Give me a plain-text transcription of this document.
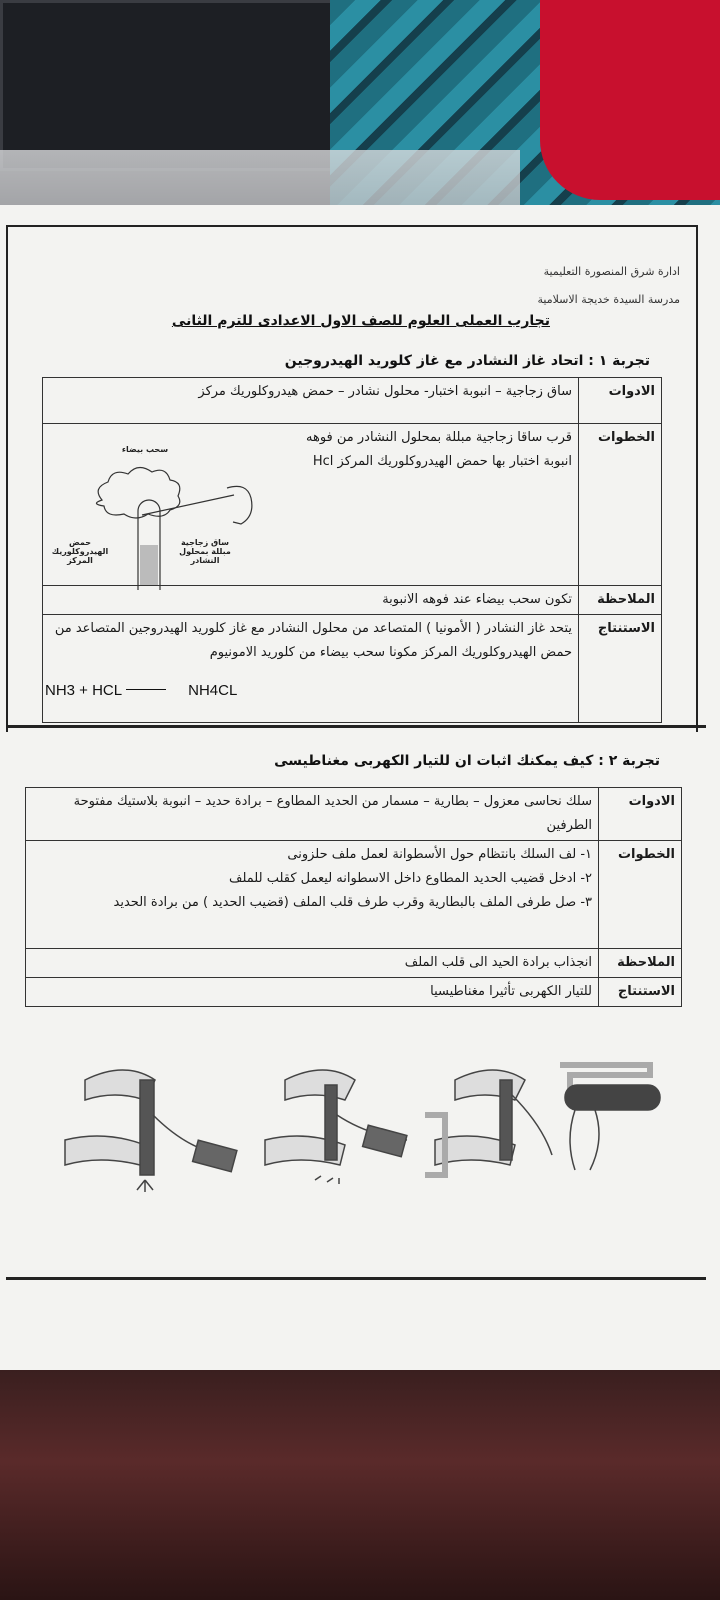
ادارة شرق المنصورة التعليمية
مدرسة السيدة خديجة الاسلامية
تجارب العملى العلوم للصف الاول الاعدادى للترم الثانى
تجربة ١ : اتحاد غاز النشادر مع غاز كلوريد الهيدروجين
الادوات	ساق زجاجية – انبوبة اختبار- محلول نشادر – حمض هيدروكلوريك مركز
الخطوات	قرب ساقا زجاجية مبللة بمحلول النشادر من فوهه انبوبة اختبار بها حمض الهيدروكلوريك المركز Hcl

الملاحظة	تكون سحب بيضاء عند فوهه الانبوبة
الاستنتاج	يتحد غاز النشادر ( الأمونيا ) المتصاعد من محلول النشادر مع غاز كلوريد الهيدروجين المتصاعد من حمض الهيدروكلوريك المركز مكونا سحب بيضاء من كلوريد الامونيوم
NH3 + HCL	NH4CL
سحب بيضاء
حمض الهيدروكلوريك المركز
ساق زجاجية مبللة بمحلول النشادر
تجربة ٢ : كيف يمكنك اثبات ان للتيار الكهربى مغناطيسى
الادوات	سلك نحاسى معزول – بطارية – مسمار من الحديد المطاوع – برادة حديد – انبوبة بلاستيك مفتوحة الطرفين
الخطوات	١- لف السلك بانتظام حول الأسطوانة لعمل ملف حلزونى
٢- ادخل قضيب الحديد المطاوع داخل الاسطوانه ليعمل كقلب للملف
٣- صل طرفى الملف بالبطارية وقرب طرف قلب الملف (قضيب الحديد ) من برادة الحديد

الملاحظة	انجذاب برادة الحيد الى قلب الملف
الاستنتاج	للتيار الكهربى تأثيرا مغناطيسيا
